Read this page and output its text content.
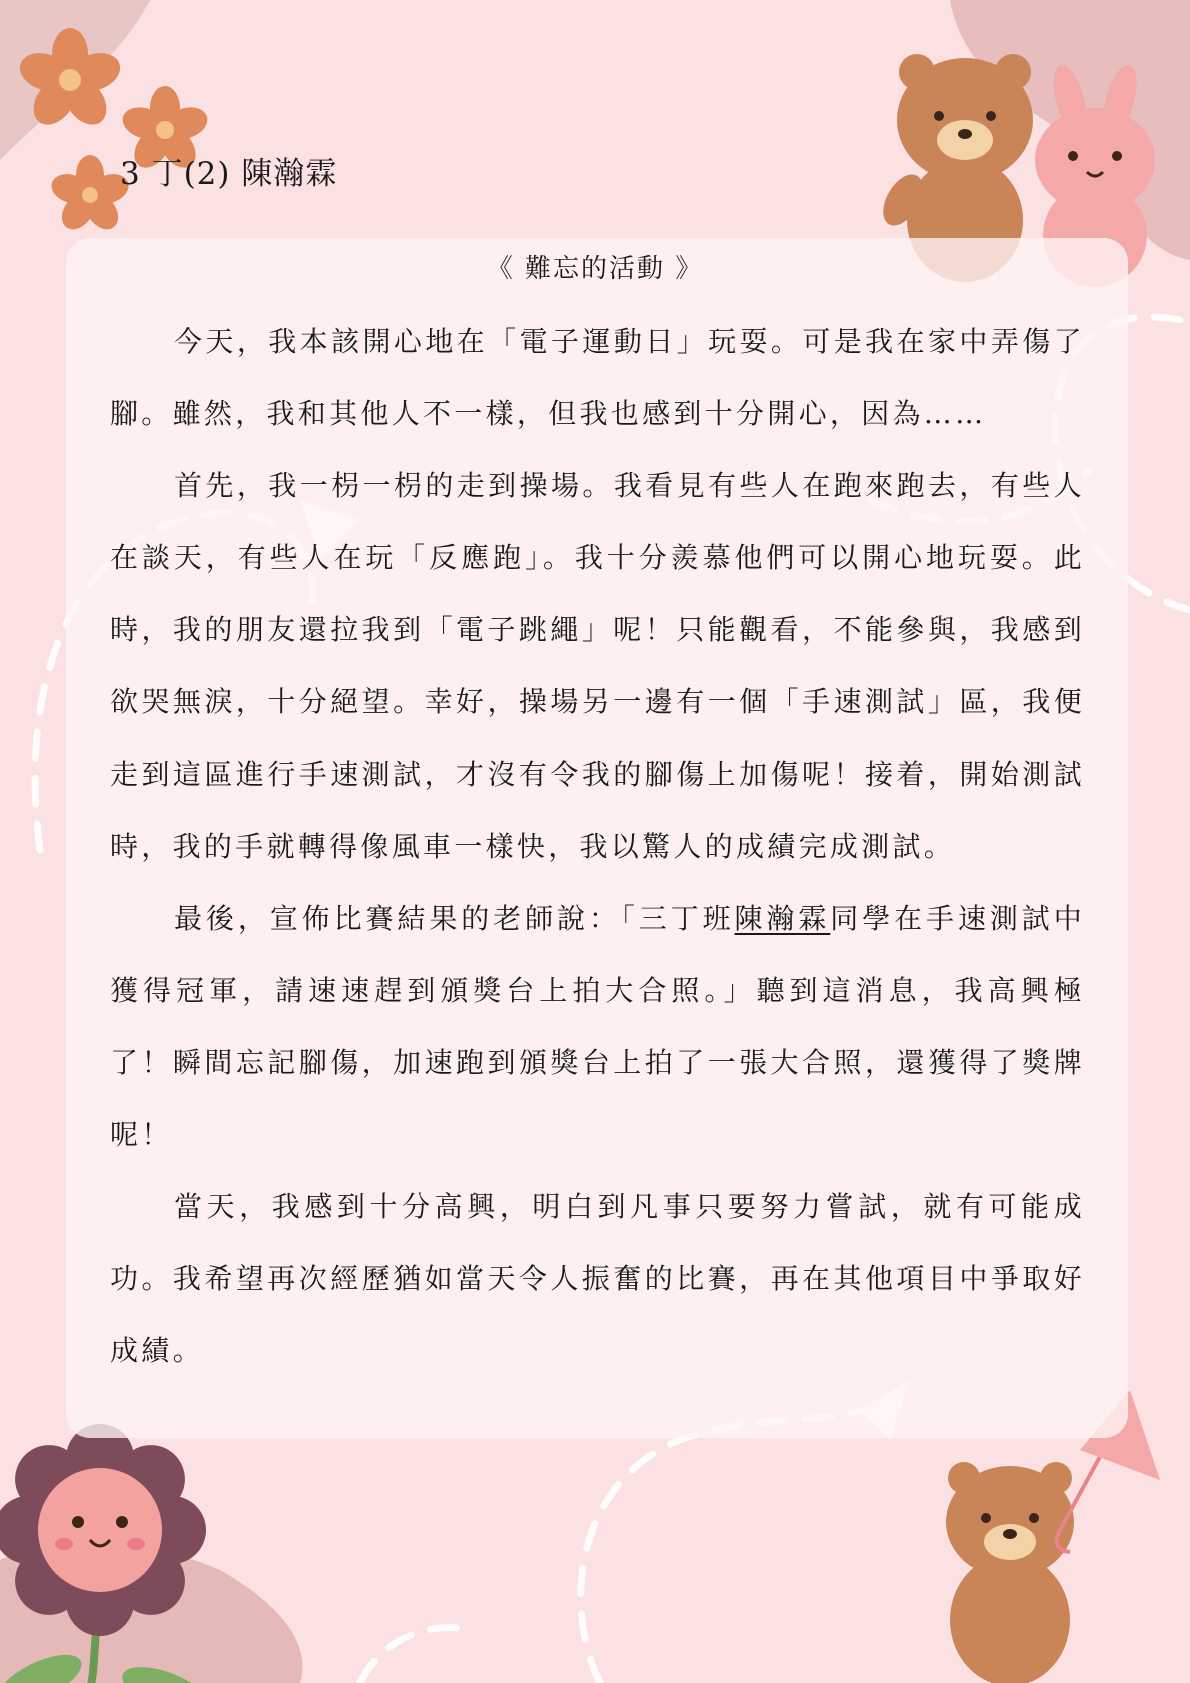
3 丁(2) 陳瀚霖
《 難忘的活動 》

今天，我本該開心地在「電子運動日」玩耍。可是我在家中弄傷了腳。雖然，我和其他人不一樣，但我也感到十分開心，因為……

首先，我一枴一枴的走到操場。我看見有些人在跑來跑去，有些人在談天，有些人在玩「反應跑」。我十分羨慕他們可以開心地玩耍。此時，我的朋友還拉我到「電子跳繩」呢！只能觀看，不能參與，我感到欲哭無淚，十分絕望。幸好，操場另一邊有一個「手速測試」區，我便走到這區進行手速測試，才沒有令我的腳傷上加傷呢！接着，開始測試時，我的手就轉得像風車一樣快，我以驚人的成績完成測試。

最後，宣佈比賽結果的老師說：「三丁班陳瀚霖同學在手速測試中獲得冠軍，請速速趕到頒獎台上拍大合照。」聽到這消息，我高興極了！瞬間忘記腳傷，加速跑到頒獎台上拍了一張大合照，還獲得了獎牌呢！

當天，我感到十分高興，明白到凡事只要努力嘗試，就有可能成功。我希望再次經歷猶如當天令人振奮的比賽，再在其他項目中爭取好成績。
